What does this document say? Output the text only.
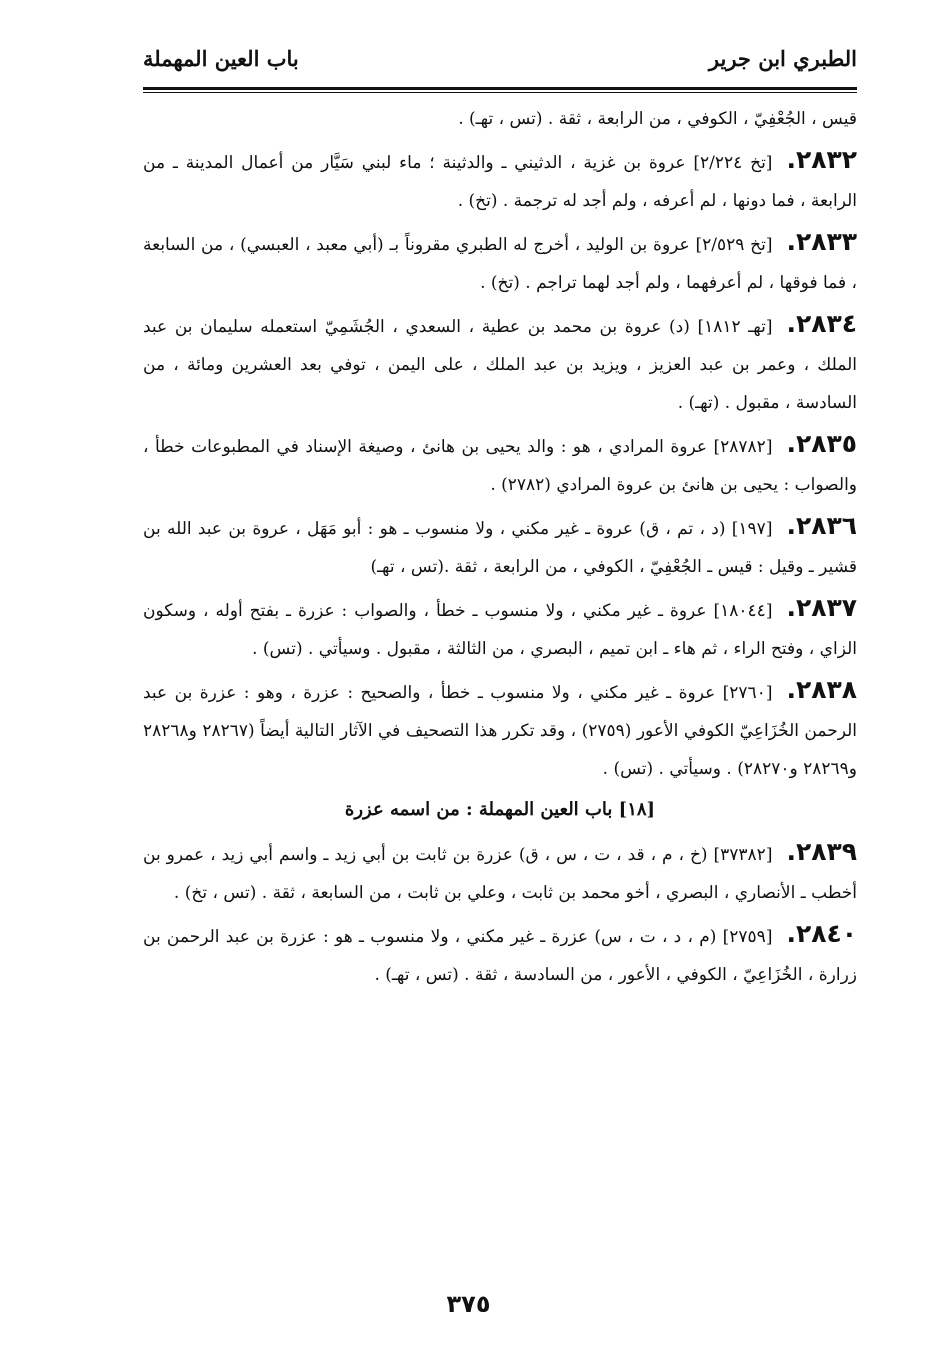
الطبري ابن جرير
باب العين المهملة

قيس ، الجُعْفِيّ ، الكوفي ، من الرابعة ، ثقة . (تس ، تهـ) .

٢٨٣٢.[تخ ٢/٢٢٤] عروة بن غزية ، الدثيني ـ والدثينة ؛ ماء لبني سَيَّار من أعمال المدينة ـ من الرابعة ، فما دونها ، لم أعرفه ، ولم أجد له ترجمة . (تخ) .

٢٨٣٣.[تخ ٢/٥٢٩] عروة بن الوليد ، أخرج له الطبري مقروناً بـ (أبي معبد ، العبسي) ، من السابعة ، فما فوقها ، لم أعرفهما ، ولم أجد لهما تراجم . (تخ) .

٢٨٣٤.[تهـ ١٨١٢] (د) عروة بن محمد بن عطية ، السعدي ، الجُشَمِيّ استعمله سليمان بن عبد الملك ، وعمر بن عبد العزيز ، ويزيد بن عبد الملك ، على اليمن ، توفي بعد العشرين ومائة ، من السادسة ، مقبول . (تهـ) .

٢٨٣٥.[٢٨٧٨٢] عروة المرادي ، هو : والد يحيى بن هانئ ، وصيغة الإسناد في المطبوعات خطأ ، والصواب : يحيى بن هانئ بن عروة المرادي (٢٧٨٢) .

٢٨٣٦.[١٩٧] (د ، تم ، ق) عروة ـ غير مكني ، ولا منسوب ـ هو : أبو مَهَل ، عروة بن عبد الله بن قشير ـ وقيل : قيس ـ الجُعْفِيّ ، الكوفي ، من الرابعة ، ثقة .(تس ، تهـ)

٢٨٣٧.[١٨٠٤٤] عروة ـ غير مكني ، ولا منسوب ـ خطأ ، والصواب : عزرة ـ بفتح أوله ، وسكون الزاي ، وفتح الراء ، ثم هاء ـ ابن تميم ، البصري ، من الثالثة ، مقبول . وسيأتي . (تس) .

٢٨٣٨.[٢٧٦٠] عروة ـ غير مكني ، ولا منسوب ـ خطأ ، والصحيح : عزرة ، وهو : عزرة بن عبد الرحمن الخُزَاعِيّ الكوفي الأعور (٢٧٥٩) ، وقد تكرر هذا التصحيف في الآثار التالية أيضاً (٢٨٢٦٧ و٢٨٢٦٨ و٢٨٢٦٩ و٢٨٢٧٠) . وسيأتي . (تس) .

[١٨] باب العين المهملة : من اسمه عزرة

٢٨٣٩.[٣٧٣٨٢] (خ ، م ، قد ، ت ، س ، ق) عزرة بن ثابت بن أبي زيد ـ واسم أبي زيد ، عمرو بن أخطب ـ الأنصاري ، البصري ، أخو محمد بن ثابت ، وعلي بن ثابت ، من السابعة ، ثقة . (تس ، تخ) .

٢٨٤٠.[٢٧٥٩] (م ، د ، ت ، س) عزرة ـ غير مكني ، ولا منسوب ـ هو : عزرة بن عبد الرحمن بن زرارة ، الخُزَاعِيّ ، الكوفي ، الأعور ، من السادسة ، ثقة . (تس ، تهـ) .

٣٧٥
